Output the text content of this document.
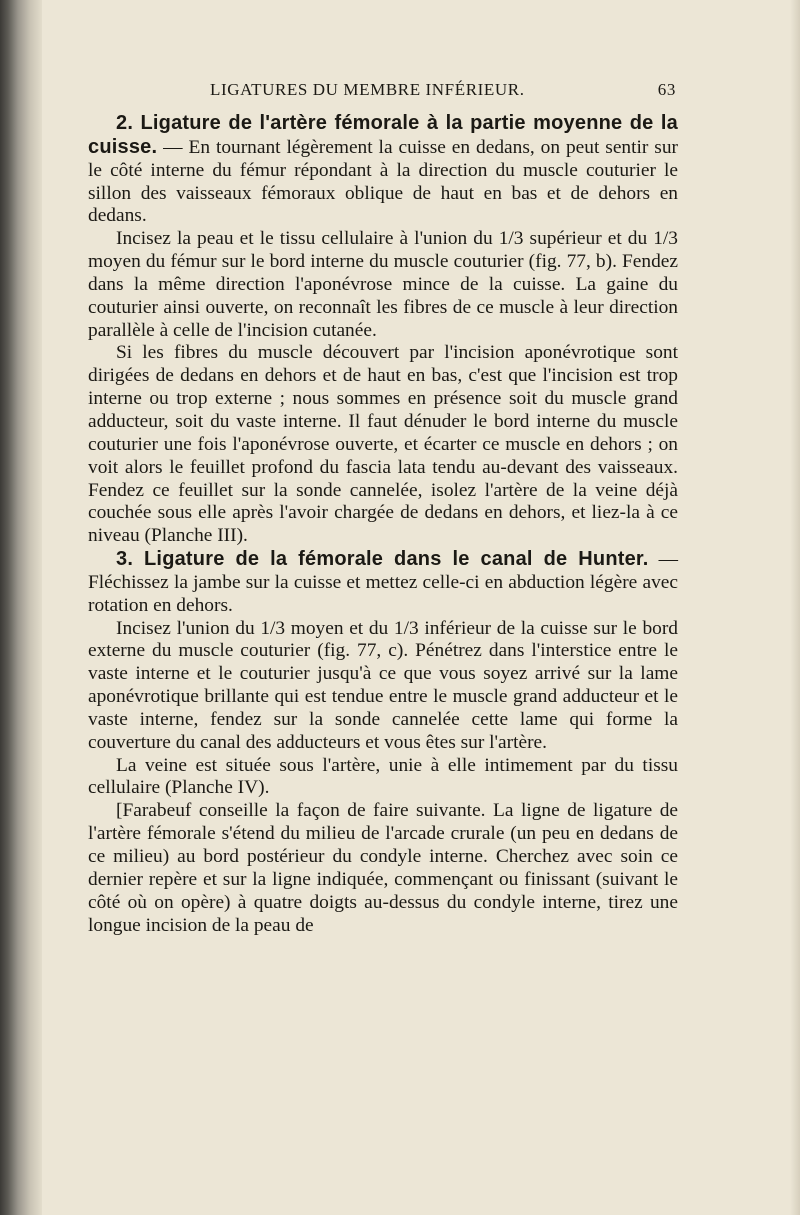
LIGATURES DU MEMBRE INFÉRIEUR.	63

2. Ligature de l'artère fémorale à la partie moyenne de la cuisse. — En tournant légèrement la cuisse en dedans, on peut sentir sur le côté interne du fémur répondant à la direction du muscle couturier le sillon des vaisseaux fémoraux oblique de haut en bas et de dehors en dedans.

Incisez la peau et le tissu cellulaire à l'union du 1/3 supérieur et du 1/3 moyen du fémur sur le bord interne du muscle couturier (fig. 77, b). Fendez dans la même direction l'aponévrose mince de la cuisse. La gaine du couturier ainsi ouverte, on reconnaît les fibres de ce muscle à leur direction parallèle à celle de l'incision cutanée.

Si les fibres du muscle découvert par l'incision aponévrotique sont dirigées de dedans en dehors et de haut en bas, c'est que l'incision est trop interne ou trop externe ; nous sommes en présence soit du muscle grand adducteur, soit du vaste interne. Il faut dénuder le bord interne du muscle couturier une fois l'aponévrose ouverte, et écarter ce muscle en dehors ; on voit alors le feuillet profond du fascia lata tendu au-devant des vaisseaux. Fendez ce feuillet sur la sonde cannelée, isolez l'artère de la veine déjà couchée sous elle après l'avoir chargée de dedans en dehors, et liez-la à ce niveau (Planche III).

3. Ligature de la fémorale dans le canal de Hunter. — Fléchissez la jambe sur la cuisse et mettez celle-ci en abduction légère avec rotation en dehors.

Incisez l'union du 1/3 moyen et du 1/3 inférieur de la cuisse sur le bord externe du muscle couturier (fig. 77, c). Pénétrez dans l'interstice entre le vaste interne et le couturier jusqu'à ce que vous soyez arrivé sur la lame aponévrotique brillante qui est tendue entre le muscle grand adducteur et le vaste interne, fendez sur la sonde cannelée cette lame qui forme la couverture du canal des adducteurs et vous êtes sur l'artère.

La veine est située sous l'artère, unie à elle intimement par du tissu cellulaire (Planche IV).

[Farabeuf conseille la façon de faire suivante. La ligne de ligature de l'artère fémorale s'étend du milieu de l'arcade crurale (un peu en dedans de ce milieu) au bord postérieur du condyle interne. Cherchez avec soin ce dernier repère et sur la ligne indiquée, commençant ou finissant (suivant le côté où on opère) à quatre doigts au-dessus du condyle interne, tirez une longue incision de la peau de
